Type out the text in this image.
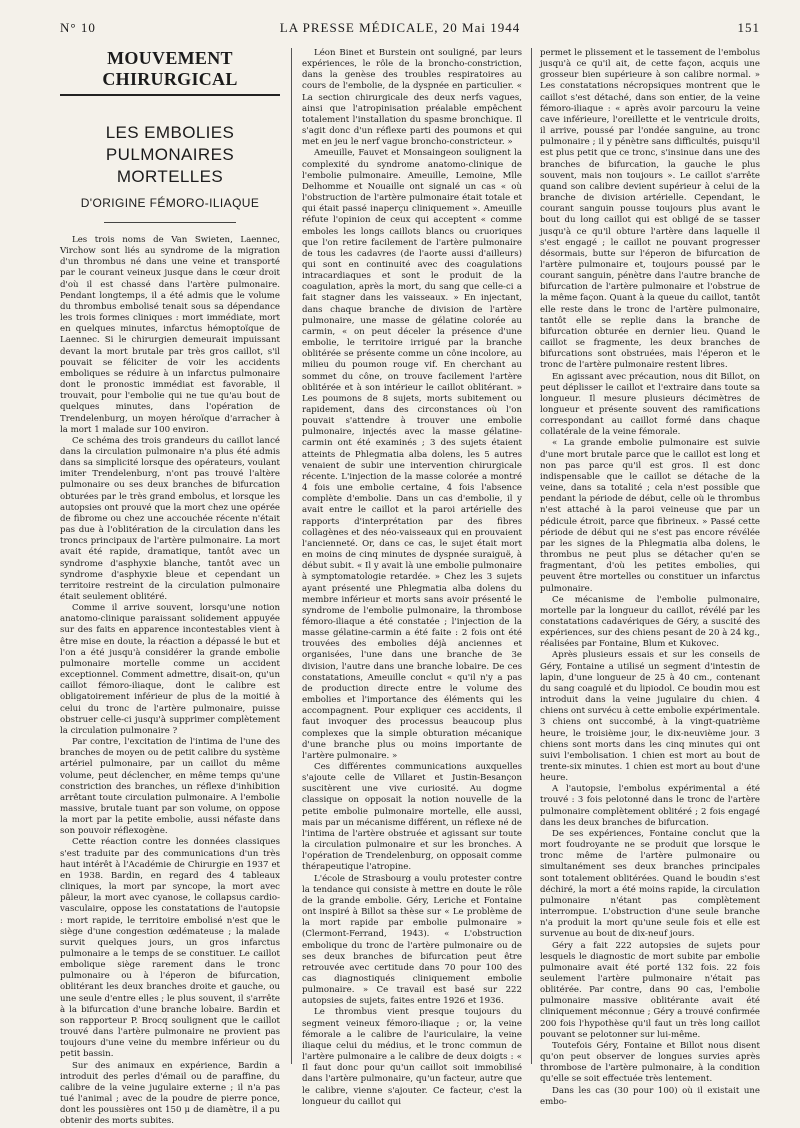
N° 10	LA PRESSE MÉDICALE, 20 Mai 1944	151
MOUVEMENT CHIRURGICAL
LES EMBOLIES PULMONAIRES
MORTELLES
D'ORIGINE FÉMORO-ILIAQUE

Les trois noms de Van Swieten, Laennec, Virchow sont liés au syndrome de la migration d'un thrombus né dans une veine et transporté par le courant veineux jusque dans le cœur droit d'où il est chassé dans l'artère pulmonaire. Pendant longtemps, il a été admis que le volume du thrombus embolisé tenait sous sa dépendance les trois formes cliniques : mort immédiate, mort en quelques minutes, infarctus hémoptoïque de Laennec. Si le chirurgien demeurait impuissant devant la mort brutale par très gros caillot, s'il pouvait se féliciter de voir les accidents emboliques se réduire à un infarctus pulmonaire dont le pronostic immédiat est favorable, il trouvait, pour l'embolie qui ne tue qu'au bout de quelques minutes, dans l'opération de Trendelenburg, un moyen héroïque d'arracher à la mort 1 malade sur 100 environ.

Ce schéma des trois grandeurs du caillot lancé dans la circulation pulmonaire n'a plus été admis dans sa simplicité lorsque des opérateurs, voulant imiter Trendelenburg, n'ont pas trouvé l'altère pulmonaire ou ses deux branches de bifurcation obturées par le très grand embolus, et lorsque les autopsies ont prouvé que la mort chez une opérée de fibrome ou chez une accouchée récente n'était pas due à l'oblitération de la circulation dans les troncs principaux de l'artère pulmonaire. La mort avait été rapide, dramatique, tantôt avec un syndrome d'asphyxie blanche, tantôt avec un syndrome d'asphyxie bleue et cependant un territoire restreint de la circulation pulmonaire était seulement oblitéré.

Comme il arrive souvent, lorsqu'une notion anatomo-clinique paraissant solidement appuyée sur des faits en apparence incontestables vient à être mise en doute, la réaction a dépassé le but et l'on a été jusqu'à considérer la grande embolie pulmonaire mortelle comme un accident exceptionnel. Comment admettre, disait-on, qu'un caillot fémoro-iliaque, dont le calibre est obligatoirement inférieur de plus de la moitié à celui du tronc de l'artère pulmonaire, puisse obstruer celle-ci jusqu'à supprimer complètement la circulation pulmonaire ?

Par contre, l'excitation de l'intima de l'une des branches de moyen ou de petit calibre du système artériel pulmonaire, par un caillot du même volume, peut déclencher, en même temps qu'une constriction des branches, un réflexe d'inhibition arrêtant toute circulation pulmonaire. A l'embolie massive, brutale tuant par son volume, on oppose la mort par la petite embolie, aussi néfaste dans son pouvoir réflexogène.

Cette réaction contre les données classiques s'est traduite par des communications d'un très haut intérêt à l'Académie de Chirurgie en 1937 et en 1938. Bardin, en regard des 4 tableaux cliniques, la mort par syncope, la mort avec pâleur, la mort avec cyanose, le collapsus cardio-vasculaire, oppose les constatations de l'autopsie : mort rapide, le territoire embolisé n'est que le siège d'une congestion œdémateuse ; la malade survit quelques jours, un gros infarctus pulmonaire a le temps de se constituer. Le caillot embolique siège rarement dans le tronc pulmonaire ou à l'éperon de bifurcation, oblitérant les deux branches droite et gauche, ou une seule d'entre elles ; le plus souvent, il s'arrête à la bifurcation d'une branche lobaire. Bardin et son rapporteur P. Brocq soulignent que le caillot trouvé dans l'artère pulmonaire ne provient pas toujours d'une veine du membre inférieur ou du petit bassin.

Sur des animaux en expérience, Bardin a introduit des perles d'émail ou de paraffine, du calibre de la veine jugulaire externe ; il n'a pas tué l'animal ; avec de la poudre de pierre ponce, dont les poussières ont 150 μ de diamètre, il a pu obtenir des morts subites.

Léon Binet et Burstein ont souligné, par leurs expériences, le rôle de la broncho-constriction, dans la genèse des troubles respiratoires au cours de l'embolie, de la dyspnée en particulier. « La section chirurgicale des deux nerfs vagues, ainsi que l'atropinisation préalable empêchent totalement l'installation du spasme bronchique. Il s'agit donc d'un réflexe parti des poumons et qui met en jeu le nerf vague broncho-constricteur. »

Ameuille, Fauvet et Monsaingeon soulignent la complexité du syndrome anatomo-clinique de l'embolie pulmonaire. Ameuille, Lemoine, Mlle Delhomme et Nouaille ont signalé un cas « où l'obstruction de l'artère pulmonaire était totale et qui était passé inaperçu cliniquement ». Ameuille réfute l'opinion de ceux qui acceptent « comme emboles les longs caillots blancs ou cruoriques que l'on retire facilement de l'artère pulmonaire de tous les cadavres (de l'aorte aussi d'ailleurs) qui sont en continuité avec des coagulations intracardiaques et sont le produit de la coagulation, après la mort, du sang que celle-ci a fait stagner dans les vaisseaux. » En injectant, dans chaque branche de division de l'artère pulmonaire, une masse de gélatine colorée au carmin, « on peut déceler la présence d'une embolie, le territoire irrigué par la branche oblitérée se présente comme un cône incolore, au milieu du poumon rouge vif. En cherchant au sommet du cône, on trouve facilement l'artère oblitérée et à son intérieur le caillot oblitérant. » Les poumons de 8 sujets, morts subitement ou rapidement, dans des circonstances où l'on pouvait s'attendre à trouver une embolie pulmonaire, injectés avec la masse gélatine-carmin ont été examinés ; 3 des sujets étaient atteints de Phlegmatia alba dolens, les 5 autres venaient de subir une intervention chirurgicale récente. L'injection de la masse colorée a montré 4 fois une embolie certaine, 4 fois l'absence complète d'embolie. Dans un cas d'embolie, il y avait entre le caillot et la paroi artérielle des rapports d'interprétation par des fibres collagènes et des néo-vaisseaux qui en prouvaient l'ancienneté. Or, dans ce cas, le sujet était mort en moins de cinq minutes de dyspnée suraiguë, à début subit. « Il y avait là une embolie pulmonaire à symptomatologie retardée. » Chez les 3 sujets ayant présenté une Phlegmatia alba dolens du membre inférieur et morts sans avoir présenté le syndrome de l'embolie pulmonaire, la thrombose fémoro-iliaque a été constatée ; l'injection de la masse gélatine-carmin a été faite : 2 fois ont été trouvées des embolies déjà anciennes et organisées, l'une dans une branche de 3e division, l'autre dans une branche lobaire. De ces constatations, Ameuille conclut « qu'il n'y a pas de production directe entre le volume des embolies et l'importance des éléments qui les accompagnent. Pour expliquer ces accidents, il faut invoquer des processus beaucoup plus complexes que la simple obturation mécanique d'une branche plus ou moins importante de l'artère pulmonaire. »

Ces différentes communications auxquelles s'ajoute celle de Villaret et Justin-Besançon suscitèrent une vive curiosité. Au dogme classique on opposait la notion nouvelle de la petite embolie pulmonaire mortelle, elle aussi, mais par un mécanisme différent, un réflexe né de l'intima de l'artère obstruée et agissant sur toute la circulation pulmonaire et sur les bronches. A l'opération de Trendelenburg, on opposait comme thérapeutique l'atropine.

L'école de Strasbourg a voulu protester contre la tendance qui consiste à mettre en doute le rôle de la grande embolie. Géry, Leriche et Fontaine ont inspiré à Billot sa thèse sur « Le problème de la mort rapide par embolie pulmonaire » (Clermont-Ferrand, 1943). « L'obstruction embolique du tronc de l'artère pulmonaire ou de ses deux branches de bifurcation peut être retrouvée avec certitude dans 70 pour 100 des cas diagnostiqués cliniquement embolie pulmonaire. » Ce travail est basé sur 222 autopsies de sujets, faites entre 1926 et 1936.

Le thrombus vient presque toujours du segment veineux fémoro-iliaque ; or, la veine fémorale a le calibre de l'auriculaire, la veine iliaque celui du médius, et le tronc commun de l'artère pulmonaire a le calibre de deux doigts : « Il faut donc pour qu'un caillot soit immobilisé dans l'artère pulmonaire, qu'un facteur, autre que le calibre, vienne s'ajouter. Ce facteur, c'est la longueur du caillot qui

permet le plissement et le tassement de l'embolus jusqu'à ce qu'il ait, de cette façon, acquis une grosseur bien supérieure à son calibre normal. » Les constatations nécropsiques montrent que le caillot s'est détaché, dans son entier, de la veine fémoro-iliaque : « après avoir parcouru la veine cave inférieure, l'oreillette et le ventricule droits, il arrive, poussé par l'ondée sanguine, au tronc pulmonaire ; il y pénètre sans difficultés, puisqu'il est plus petit que ce tronc, s'insinue dans une des branches de bifurcation, la gauche le plus souvent, mais non toujours ». Le caillot s'arrête quand son calibre devient supérieur à celui de la branche de division artérielle. Cependant, le courant sanguin pousse toujours plus avant le bout du long caillot qui est obligé de se tasser jusqu'à ce qu'il obture l'artère dans laquelle il s'est engagé ; le caillot ne pouvant progresser désormais, butte sur l'éperon de bifurcation de l'artère pulmonaire et, toujours poussé par le courant sanguin, pénètre dans l'autre branche de bifurcation de l'artère pulmonaire et l'obstrue de la même façon. Quant à la queue du caillot, tantôt elle reste dans le tronc de l'artère pulmonaire, tantôt elle se replie dans la branche de bifurcation obturée en dernier lieu. Quand le caillot se fragmente, les deux branches de bifurcations sont obstruées, mais l'éperon et le tronc de l'artère pulmonaire restent libres.

En agissant avec précaution, nous dit Billot, on peut déplisser le caillot et l'extraire dans toute sa longueur. Il mesure plusieurs décimètres de longueur et présente souvent des ramifications correspondant au caillot formé dans chaque collatérale de la veine fémorale.

« La grande embolie pulmonaire est suivie d'une mort brutale parce que le caillot est long et non pas parce qu'il est gros. Il est donc indispensable que le caillot se détache de la veine, dans sa totalité ; cela n'est possible que pendant la période de début, celle où le thrombus n'est attaché à la paroi veineuse que par un pédicule étroit, parce que fibrineux. » Passé cette période de début qui ne s'est pas encore révélée par les signes de la Phlegmatia alba dolens, le thrombus ne peut plus se détacher qu'en se fragmentant, d'où les petites embolies, qui peuvent être mortelles ou constituer un infarctus pulmonaire.

Ce mécanisme de l'embolie pulmonaire, mortelle par la longueur du caillot, révélé par les constatations cadavériques de Géry, a suscité des expériences, sur des chiens pesant de 20 à 24 kg., réalisées par Fontaine, Blum et Kukovec.

Après plusieurs essais et sur les conseils de Géry, Fontaine a utilisé un segment d'intestin de lapin, d'une longueur de 25 à 40 cm., contenant du sang coagulé et du lipiodol. Ce boudin mou est introduit dans la veine jugulaire du chien. 4 chiens ont survécu à cette embolie expérimentale. 3 chiens ont succombé, à la vingt-quatrième heure, le troisième jour, le dix-neuvième jour. 3 chiens sont morts dans les cinq minutes qui ont suivi l'embolisation. 1 chien est mort au bout de trente-six minutes. 1 chien est mort au bout d'une heure.

A l'autopsie, l'embolus expérimental a été trouvé : 3 fois pelotonné dans le tronc de l'artère pulmonaire complètement oblitéré ; 2 fois engagé dans les deux branches de bifurcation.

De ses expériences, Fontaine conclut que la mort foudroyante ne se produit que lorsque le tronc même de l'artère pulmonaire ou simultanément ses deux branches principales sont totalement oblitérées. Quand le boudin s'est déchiré, la mort a été moins rapide, la circulation pulmonaire n'étant pas complètement interrompue. L'obstruction d'une seule branche n'a produit la mort qu'une seule fois et elle est survenue au bout de dix-neuf jours.

Géry a fait 222 autopsies de sujets pour lesquels le diagnostic de mort subite par embolie pulmonaire avait été porté 132 fois. 22 fois seulement l'artère pulmonaire n'était pas oblitérée. Par contre, dans 90 cas, l'embolie pulmonaire massive oblitérante avait été cliniquement méconnue ; Géry a trouvé confirmée 200 fois l'hypothèse qu'il faut un très long caillot pouvant se pelotonner sur lui-même.

Toutefois Géry, Fontaine et Billot nous disent qu'on peut observer de longues survies après thrombose de l'artère pulmonaire, à la condition qu'elle se soit effectuée très lentement.

Dans les cas (30 pour 100) où il existait une embo-
